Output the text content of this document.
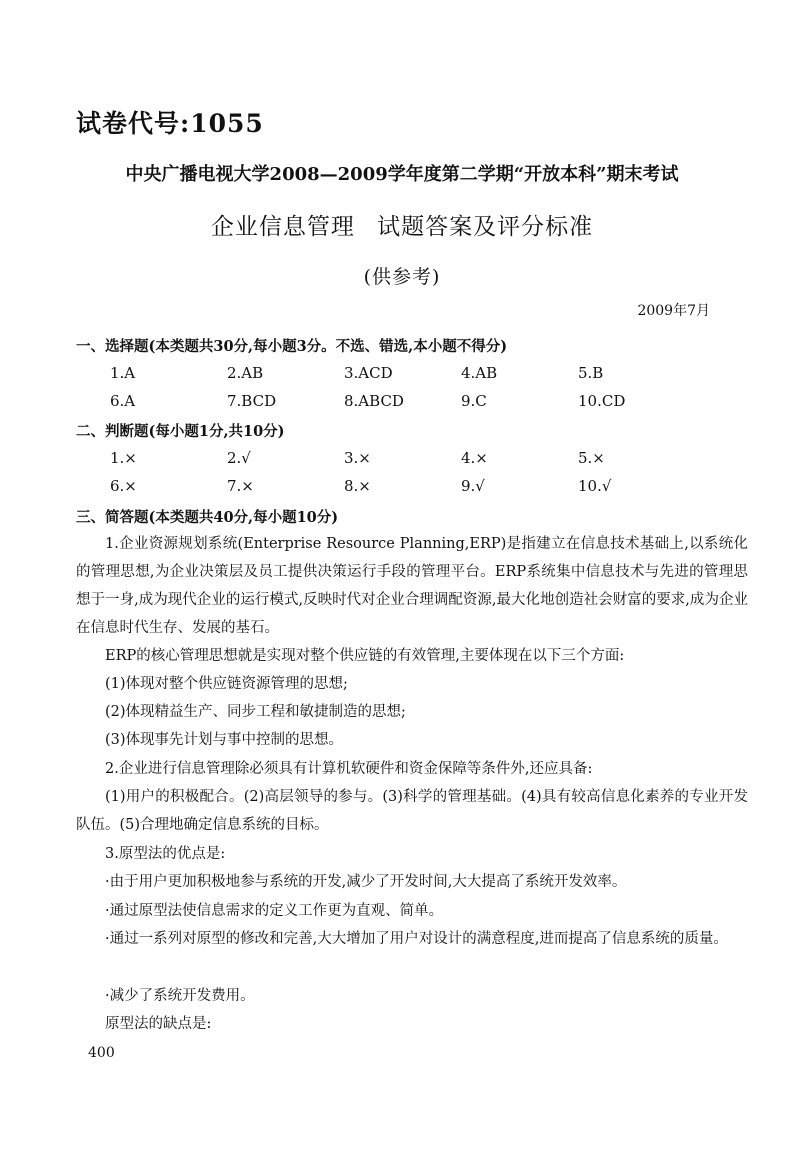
试卷代号:1055
中央广播电视大学2008—2009学年度第二学期“开放本科”期末考试
企业信息管理 试题答案及评分标准
(供参考)
2009年7月
一、选择题(本类题共30分,每小题3分。不选、错选,本小题不得分)
1.A	2.AB	3.ACD	4.AB	5.B
6.A	7.BCD	8.ABCD	9.C	10.CD
二、判断题(每小题1分,共10分)
1.×	2.√	3.×	4.×	5.×
6.×	7.×	8.×	9.√	10.√
三、简答题(本类题共40分,每小题10分)
1.企业资源规划系统(Enterprise Resource Planning,ERP)是指建立在信息技术基础上,以系统化的管理思想,为企业决策层及员工提供决策运行手段的管理平台。ERP系统集中信息技术与先进的管理思想于一身,成为现代企业的运行模式,反映时代对企业合理调配资源,最大化地创造社会财富的要求,成为企业在信息时代生存、发展的基石。
ERP的核心管理思想就是实现对整个供应链的有效管理,主要体现在以下三个方面:
(1)体现对整个供应链资源管理的思想;
(2)体现精益生产、同步工程和敏捷制造的思想;
(3)体现事先计划与事中控制的思想。
2.企业进行信息管理除必须具有计算机软硬件和资金保障等条件外,还应具备:
(1)用户的积极配合。(2)高层领导的参与。(3)科学的管理基础。(4)具有较高信息化素养的专业开发队伍。(5)合理地确定信息系统的目标。
3.原型法的优点是:
·由于用户更加积极地参与系统的开发,减少了开发时间,大大提高了系统开发效率。
·通过原型法使信息需求的定义工作更为直观、简单。
·通过一系列对原型的修改和完善,大大增加了用户对设计的满意程度,进而提高了信息系统的质量。
·减少了系统开发费用。
原型法的缺点是:
400
